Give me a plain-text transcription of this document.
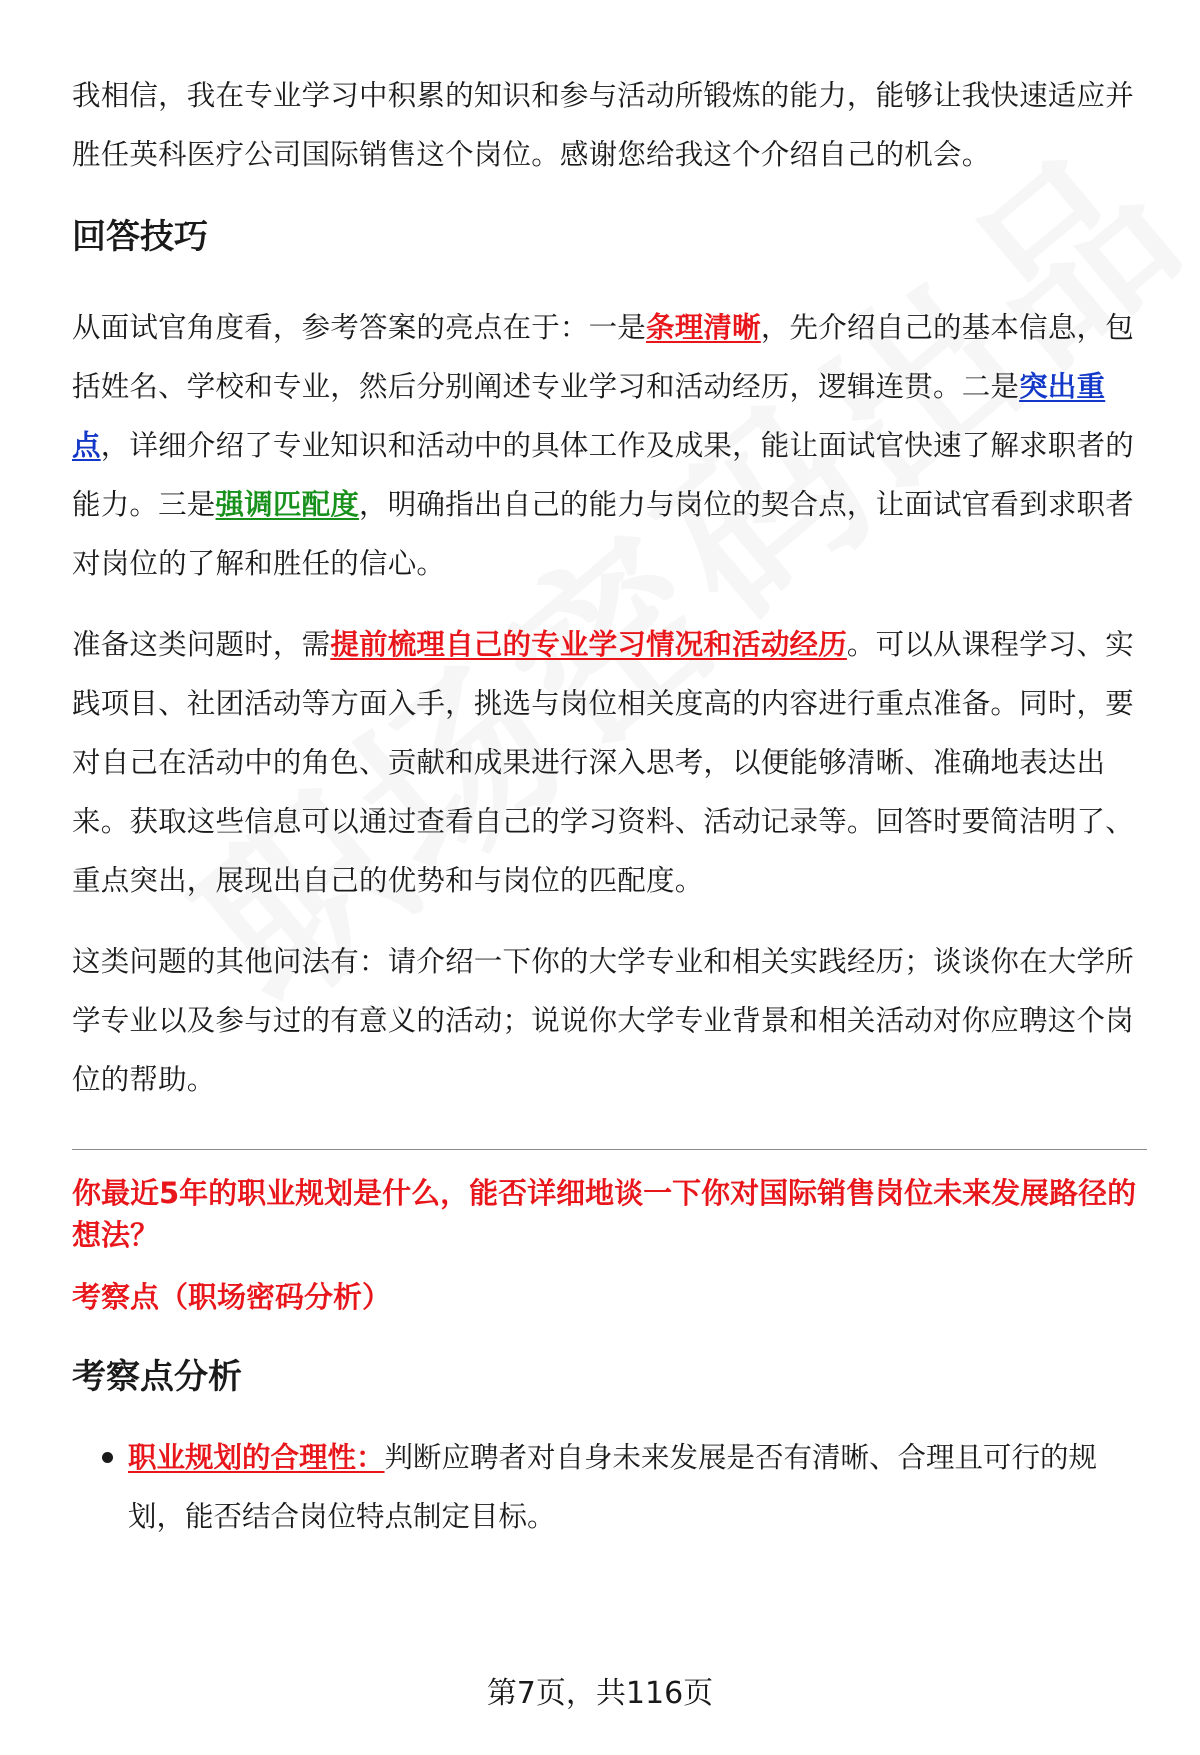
我相信，我在专业学习中积累的知识和参与活动所锻炼的能力，能够让我快速适应并胜任英科医疗公司国际销售这个岗位。感谢您给我这个介绍自己的机会。

回答技巧

从面试官角度看，参考答案的亮点在于：一是条理清晰，先介绍自己的基本信息，包括姓名、学校和专业，然后分别阐述专业学习和活动经历，逻辑连贯。二是突出重点，详细介绍了专业知识和活动中的具体工作及成果，能让面试官快速了解求职者的能力。三是强调匹配度，明确指出自己的能力与岗位的契合点，让面试官看到求职者对岗位的了解和胜任的信心。

准备这类问题时，需提前梳理自己的专业学习情况和活动经历。可以从课程学习、实践项目、社团活动等方面入手，挑选与岗位相关度高的内容进行重点准备。同时，要对自己在活动中的角色、贡献和成果进行深入思考，以便能够清晰、准确地表达出来。获取这些信息可以通过查看自己的学习资料、活动记录等。回答时要简洁明了、重点突出，展现出自己的优势和与岗位的匹配度。

这类问题的其他问法有：请介绍一下你的大学专业和相关实践经历；谈谈你在大学所学专业以及参与过的有意义的活动；说说你大学专业背景和相关活动对你应聘这个岗位的帮助。

你最近5年的职业规划是什么，能否详细地谈一下你对国际销售岗位未来发展路径的想法？

考察点（职场密码分析）

考察点分析
职业规划的合理性：判断应聘者对自身未来发展是否有清晰、合理且可行的规划，能否结合岗位特点制定目标。
第7页，共116页
